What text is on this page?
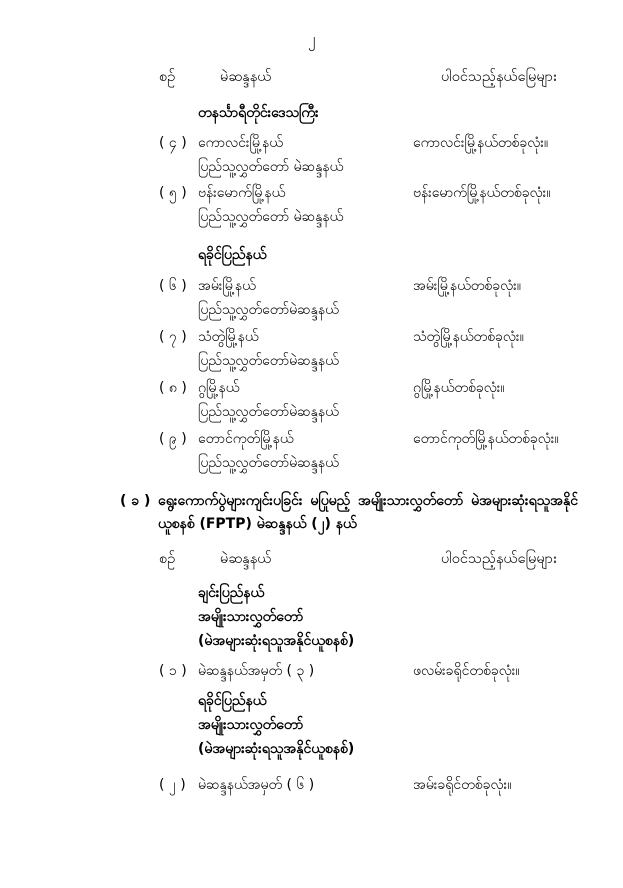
၂
စဉ်	မဲဆန္ဒနယ်	ပါဝင်သည့်နယ်မြေများ
တနင်္သာရီတိုင်းဒေသကြီး
( ၄ ) ကောလင်းမြို့နယ်	ကောလင်းမြို့နယ်တစ်ခုလုံး။
ပြည်သူ့လွှတ်တော် မဲဆန္ဒနယ်
( ၅ ) ဗန်းမောက်မြို့နယ်	ဗန်းမောက်မြို့နယ်တစ်ခုလုံး။
ပြည်သူ့လွှတ်တော် မဲဆန္ဒနယ်
ရခိုင်ပြည်နယ်
( ၆ ) အမ်းမြို့နယ်	အမ်းမြို့နယ်တစ်ခုလုံး။
ပြည်သူ့လွှတ်တော်မဲဆန္ဒနယ်
( ၇ ) သံတွဲမြို့နယ်	သံတွဲမြို့နယ်တစ်ခုလုံး။
ပြည်သူ့လွှတ်တော်မဲဆန္ဒနယ်
( ၈ ) ဂွမြို့နယ်	ဂွမြို့နယ်တစ်ခုလုံး။
ပြည်သူ့လွှတ်တော်မဲဆန္ဒနယ်
( ၉ ) တောင်ကုတ်မြို့နယ်	တောင်ကုတ်မြို့နယ်တစ်ခုလုံး။
ပြည်သူ့လွှတ်တော်မဲဆန္ဒနယ်
( ခ ) ရွေးကောက်ပွဲများကျင်းပခြင်း မပြုမည့် အမျိုးသားလွှတ်တော် မဲအများဆုံးရသူအနိုင်ယူစနစ် (FPTP) မဲဆန္ဒနယ် (၂) နယ်
စဉ်	မဲဆန္ဒနယ်	ပါဝင်သည့်နယ်မြေများ
ချင်းပြည်နယ်
အမျိုးသားလွှတ်တော်
(မဲအများဆုံးရသူအနိုင်ယူစနစ်)
( ၁ ) မဲဆန္ဒနယ်အမှတ် ( ၃ )	ဖလမ်းခရိုင်တစ်ခုလုံး။
ရခိုင်ပြည်နယ်
အမျိုးသားလွှတ်တော်
(မဲအများဆုံးရသူအနိုင်ယူစနစ်)
( ၂ ) မဲဆန္ဒနယ်အမှတ် ( ၆ )	အမ်းခရိုင်တစ်ခုလုံး။
